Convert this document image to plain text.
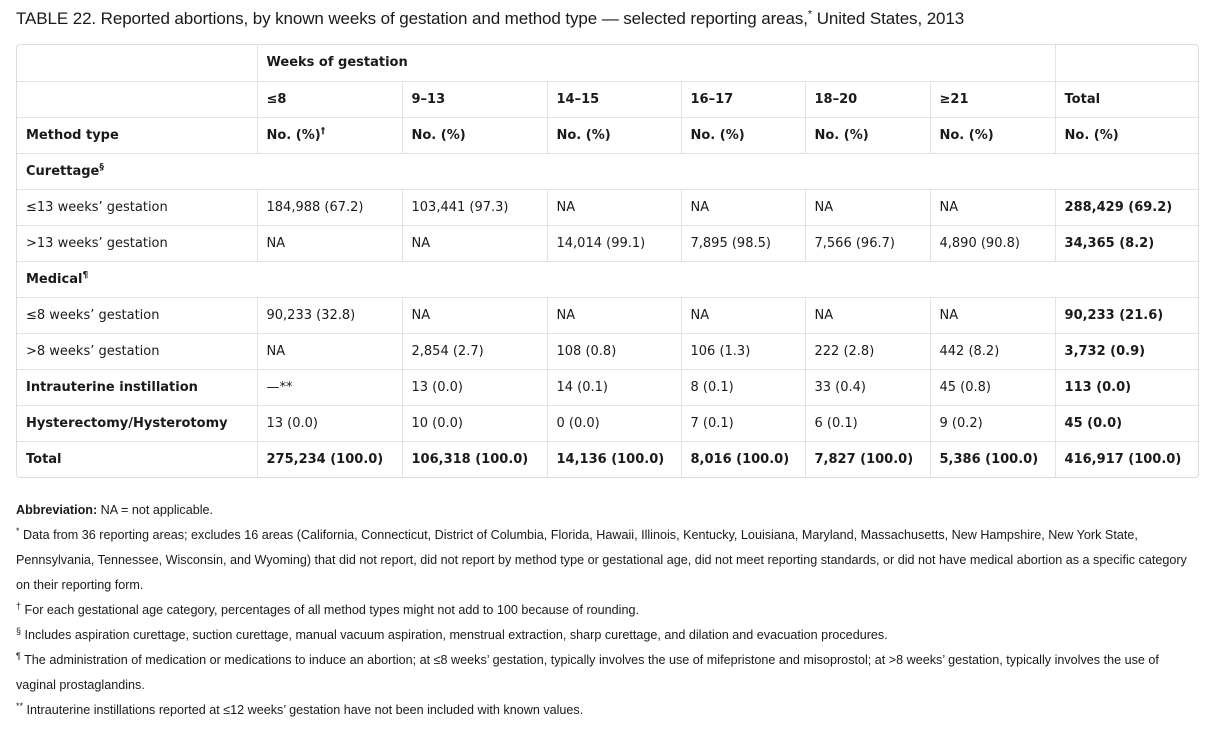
TABLE 22. Reported abortions, by known weeks of gestation and method type — selected reporting areas,* United States, 2013
	Weeks of gestation						
	≤8	9–13	14–15	16–17	18–20	≥21	Total
Method type	No. (%)†	No. (%)	No. (%)	No. (%)	No. (%)	No. (%)	No. (%)
Curettage§
≤13 weeks’ gestation	184,988 (67.2)	103,441 (97.3)	NA	NA	NA	NA	288,429 (69.2)
>13 weeks’ gestation	NA	NA	14,014 (99.1)	7,895 (98.5)	7,566 (96.7)	4,890 (90.8)	34,365 (8.2)
Medical¶
≤8 weeks’ gestation	90,233 (32.8)	NA	NA	NA	NA	NA	90,233 (21.6)
>8 weeks’ gestation	NA	2,854 (2.7)	108 (0.8)	106 (1.3)	222 (2.8)	442 (8.2)	3,732 (0.9)
Intrauterine instillation	—**	13 (0.0)	14 (0.1)	8 (0.1)	33 (0.4)	45 (0.8)	113 (0.0)
Hysterectomy/Hysterotomy	13 (0.0)	10 (0.0)	0 (0.0)	7 (0.1)	6 (0.1)	9 (0.2)	45 (0.0)
Total	275,234 (100.0)	106,318 (100.0)	14,136 (100.0)	8,016 (100.0)	7,827 (100.0)	5,386 (100.0)	416,917 (100.0)

Abbreviation: NA = not applicable.

* Data from 36 reporting areas; excludes 16 areas (California, Connecticut, District of Columbia, Florida, Hawaii, Illinois, Kentucky, Louisiana, Maryland, Massachusetts, New Hampshire, New York State, Pennsylvania, Tennessee, Wisconsin, and Wyoming) that did not report, did not report by method type or gestational age, did not meet reporting standards, or did not have medical abortion as a specific category on their reporting form.

† For each gestational age category, percentages of all method types might not add to 100 because of rounding.

§ Includes aspiration curettage, suction curettage, manual vacuum aspiration, menstrual extraction, sharp curettage, and dilation and evacuation procedures.

¶ The administration of medication or medications to induce an abortion; at ≤8 weeks’ gestation, typically involves the use of mifepristone and misoprostol; at >8 weeks’ gestation, typically involves the use of vaginal prostaglandins.

** Intrauterine instillations reported at ≤12 weeks’ gestation have not been included with known values.
